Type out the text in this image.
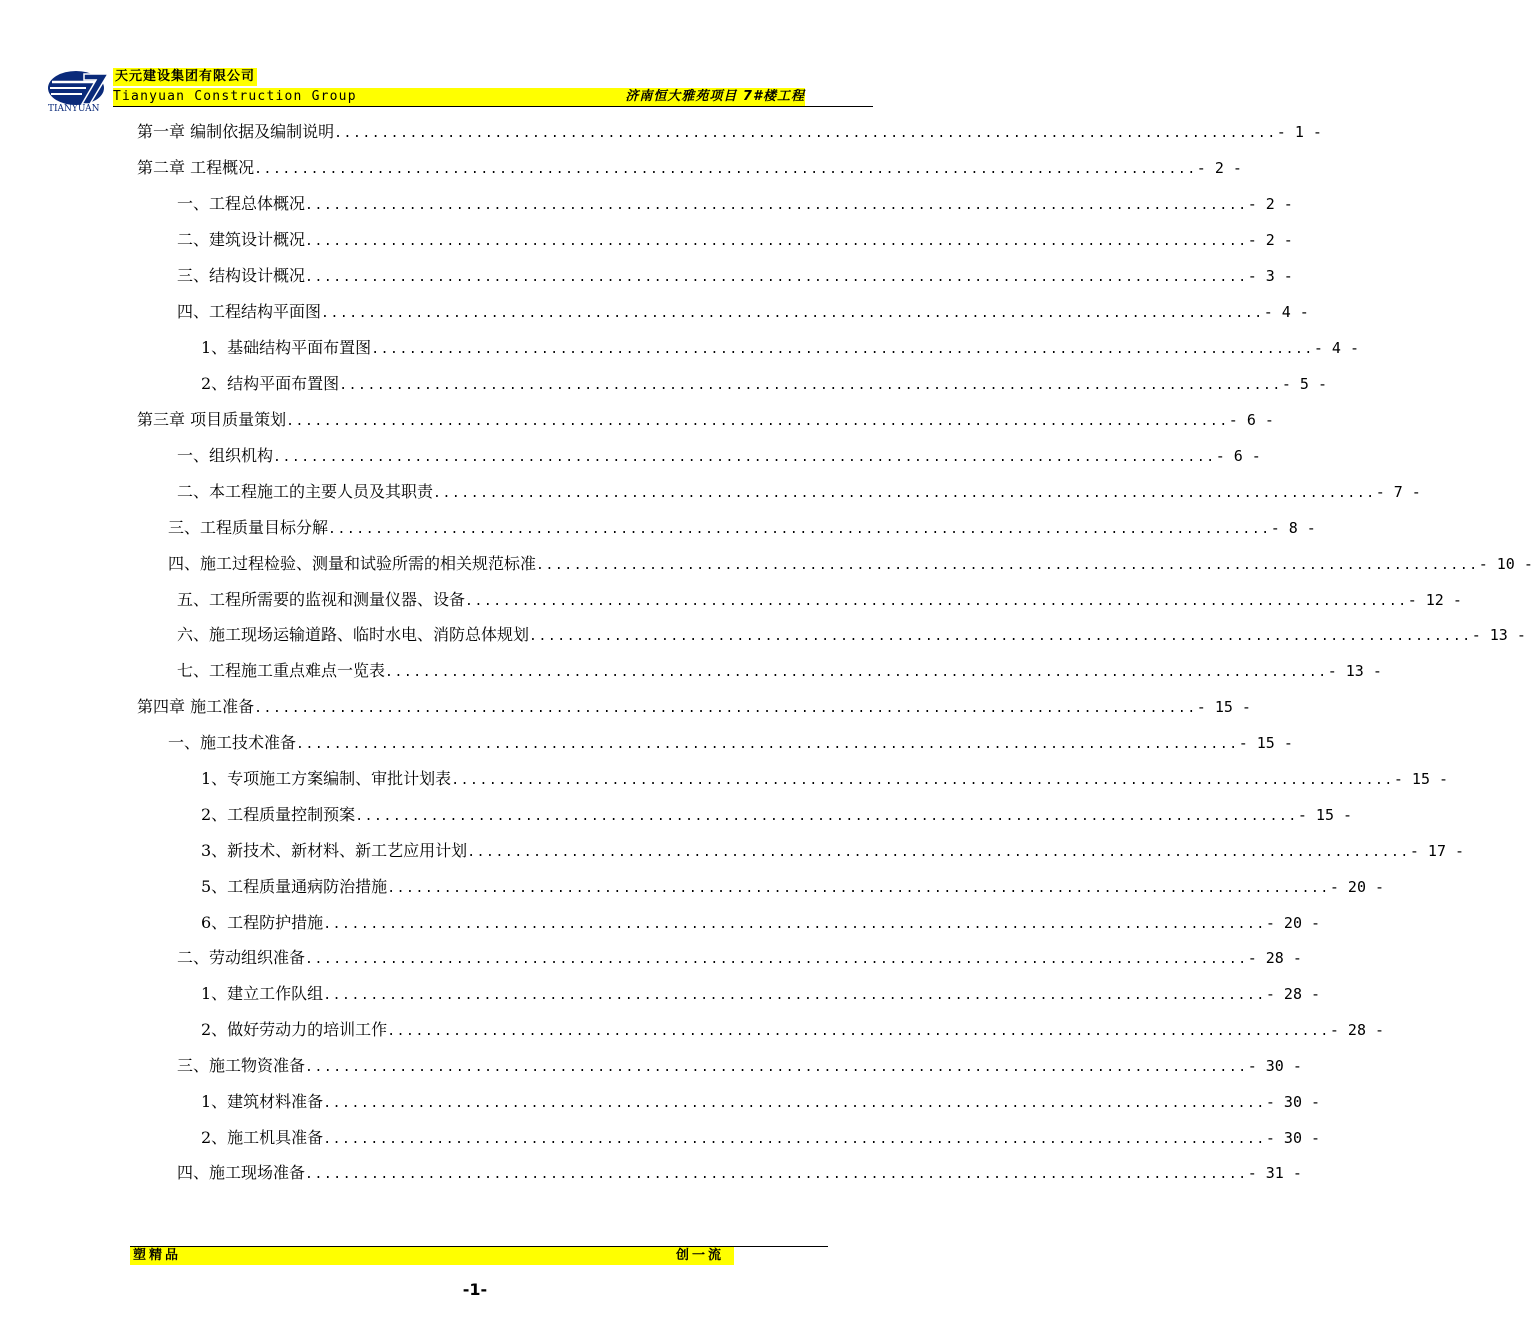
TIANYUAN
天元建设集团有限公司
Tianyuan Construction Group	济南恒大雅苑项目 7#楼工程
第一章 编制依据及编制说明 .................................................................................................... - 1 -
第二章 工程概况 .................................................................................................... - 2 -
一、工程总体概况 .................................................................................................... - 2 -
二、建筑设计概况 .................................................................................................... - 2 -
三、结构设计概况 .................................................................................................... - 3 -
四、工程结构平面图 .................................................................................................... - 4 -
1、基础结构平面布置图 .................................................................................................... - 4 -
2、结构平面布置图 .................................................................................................... - 5 -
第三章 项目质量策划 .................................................................................................... - 6 -
一、组织机构 .................................................................................................... - 6 -
二、本工程施工的主要人员及其职责 .................................................................................................... - 7 -
三、工程质量目标分解 .................................................................................................... - 8 -
四、施工过程检验、测量和试验所需的相关规范标准 .................................................................................................... - 10 -
五、工程所需要的监视和测量仪器、设备 .................................................................................................... - 12 -
六、施工现场运输道路、临时水电、消防总体规划 .................................................................................................... - 13 -
七、工程施工重点难点一览表 .................................................................................................... - 13 -
第四章 施工准备 .................................................................................................... - 15 -
一、施工技术准备 .................................................................................................... - 15 -
1、专项施工方案编制、审批计划表 .................................................................................................... - 15 -
2、工程质量控制预案 .................................................................................................... - 15 -
3、新技术、新材料、新工艺应用计划 .................................................................................................... - 17 -
5、工程质量通病防治措施 .................................................................................................... - 20 -
6、工程防护措施 .................................................................................................... - 20 -
二、劳动组织准备 .................................................................................................... - 28 -
1、建立工作队组 .................................................................................................... - 28 -
2、做好劳动力的培训工作 .................................................................................................... - 28 -
三、施工物资准备 .................................................................................................... - 30 -
1、建筑材料准备 .................................................................................................... - 30 -
2、施工机具准备 .................................................................................................... - 30 -
四、施工现场准备 .................................................................................................... - 31 -
塑精品	创一流
-1-
